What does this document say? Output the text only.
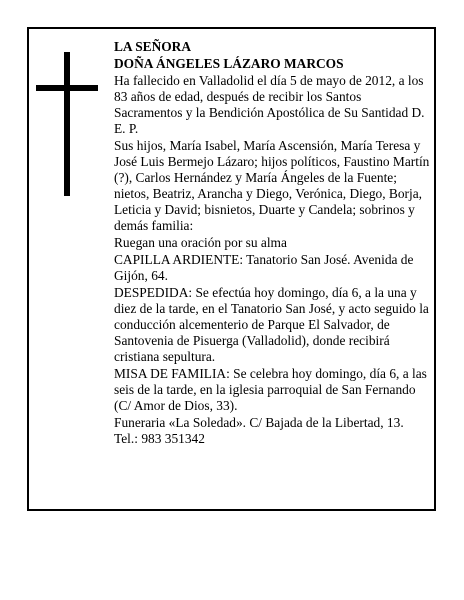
LA SEÑORA

DOÑA ÁNGELES LÁZARO MARCOS

Ha fallecido en Valladolid el día 5 de mayo de 2012, a los 83 años de edad, después de recibir los Santos Sacramentos y la Bendición Apostólica de Su Santidad D. E. P.

Sus hijos, María Isabel, María Ascensión, María Teresa y José Luis Bermejo Lázaro; hijos políticos, Faustino Martín (?), Carlos Hernández y María Ángeles de la Fuente; nietos, Beatriz, Arancha y Diego, Verónica, Diego, Borja, Leticia y David; bisnietos, Duarte y Candela; sobrinos y demás familia:

Ruegan una oración por su alma

CAPILLA ARDIENTE: Tanatorio San José. Avenida de Gijón, 64.

DESPEDIDA: Se efectúa hoy domingo, día 6, a la una y diez de la tarde, en el Tanatorio San José, y acto seguido la conducción alcementerio de Parque El Salvador, de Santovenia de Pisuerga (Valladolid), donde recibirá cristiana sepultura.

MISA DE FAMILIA: Se celebra hoy domingo, día 6, a las seis de la tarde, en la iglesia parroquial de San Fernando (C/ Amor de Dios, 33).

Funeraria «La Soledad». C/ Bajada de la Libertad, 13. Tel.: 983 351342
